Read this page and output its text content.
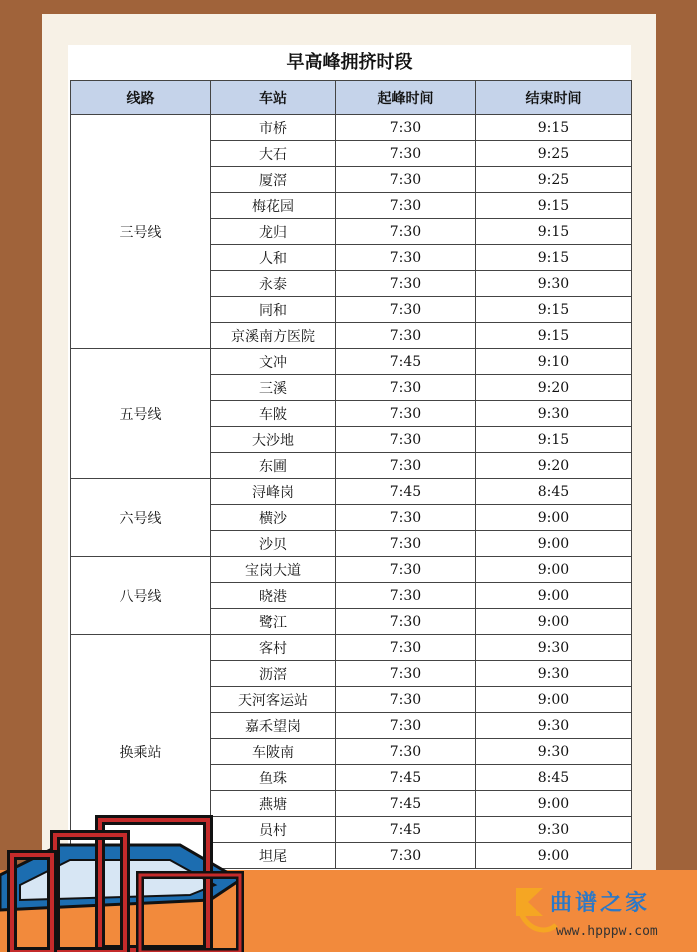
早高峰拥挤时段
线路	车站	起峰时间	结束时间
三号线	市桥	7:30	9:15
	大石	7:30	9:25
	厦滘	7:30	9:25
	梅花园	7:30	9:15
	龙归	7:30	9:15
	人和	7:30	9:15
	永泰	7:30	9:30
	同和	7:30	9:15
	京溪南方医院	7:30	9:15
五号线	文冲	7:45	9:10
	三溪	7:30	9:20
	车陂	7:30	9:30
	大沙地	7:30	9:15
	东圃	7:30	9:20
六号线	浔峰岗	7:45	8:45
	横沙	7:30	9:00
	沙贝	7:30	9:00
八号线	宝岗大道	7:30	9:00
	晓港	7:30	9:00
	鹭江	7:30	9:00
换乘站	客村	7:30	9:30
	沥滘	7:30	9:30
	天河客运站	7:30	9:00
	嘉禾望岗	7:30	9:30
	车陂南	7:30	9:30
	鱼珠	7:45	8:45
	燕塘	7:45	9:00
	员村	7:45	9:30
	坦尾	7:30	9:00
曲谱之家
www.hpppw.com
